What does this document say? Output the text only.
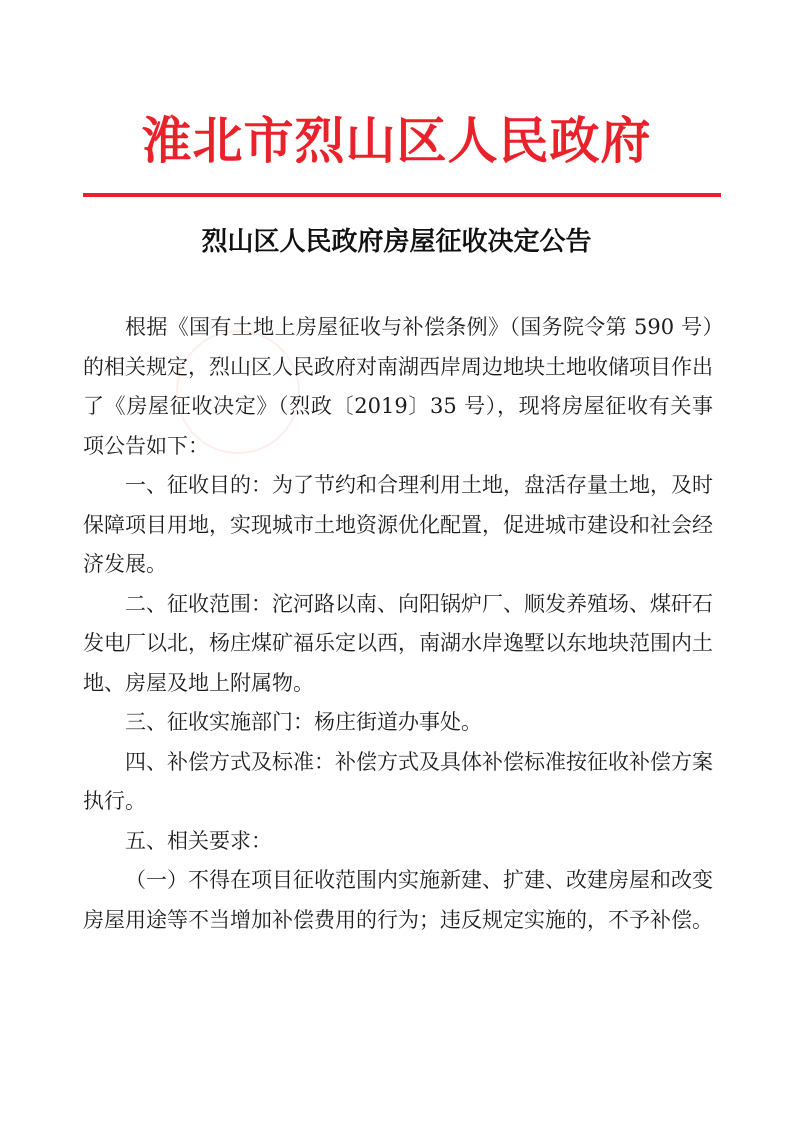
淮北市烈山区人民政府
烈山区人民政府房屋征收决定公告

根据《国有土地上房屋征收与补偿条例》（国务院令第 590 号）的相关规定，烈山区人民政府对南湖西岸周边地块土地收储项目作出了《房屋征收决定》（烈政〔2019〕35 号），现将房屋征收有关事项公告如下：

一、征收目的：为了节约和合理利用土地，盘活存量土地，及时保障项目用地，实现城市土地资源优化配置，促进城市建设和社会经济发展。

二、征收范围：沱河路以南、向阳锅炉厂、顺发养殖场、煤矸石发电厂以北，杨庄煤矿福乐定以西，南湖水岸逸墅以东地块范围内土地、房屋及地上附属物。

三、征收实施部门：杨庄街道办事处。

四、补偿方式及标准：补偿方式及具体补偿标准按征收补偿方案执行。

五、相关要求：

（一）不得在项目征收范围内实施新建、扩建、改建房屋和改变房屋用途等不当增加补偿费用的行为；违反规定实施的，不予补偿。
